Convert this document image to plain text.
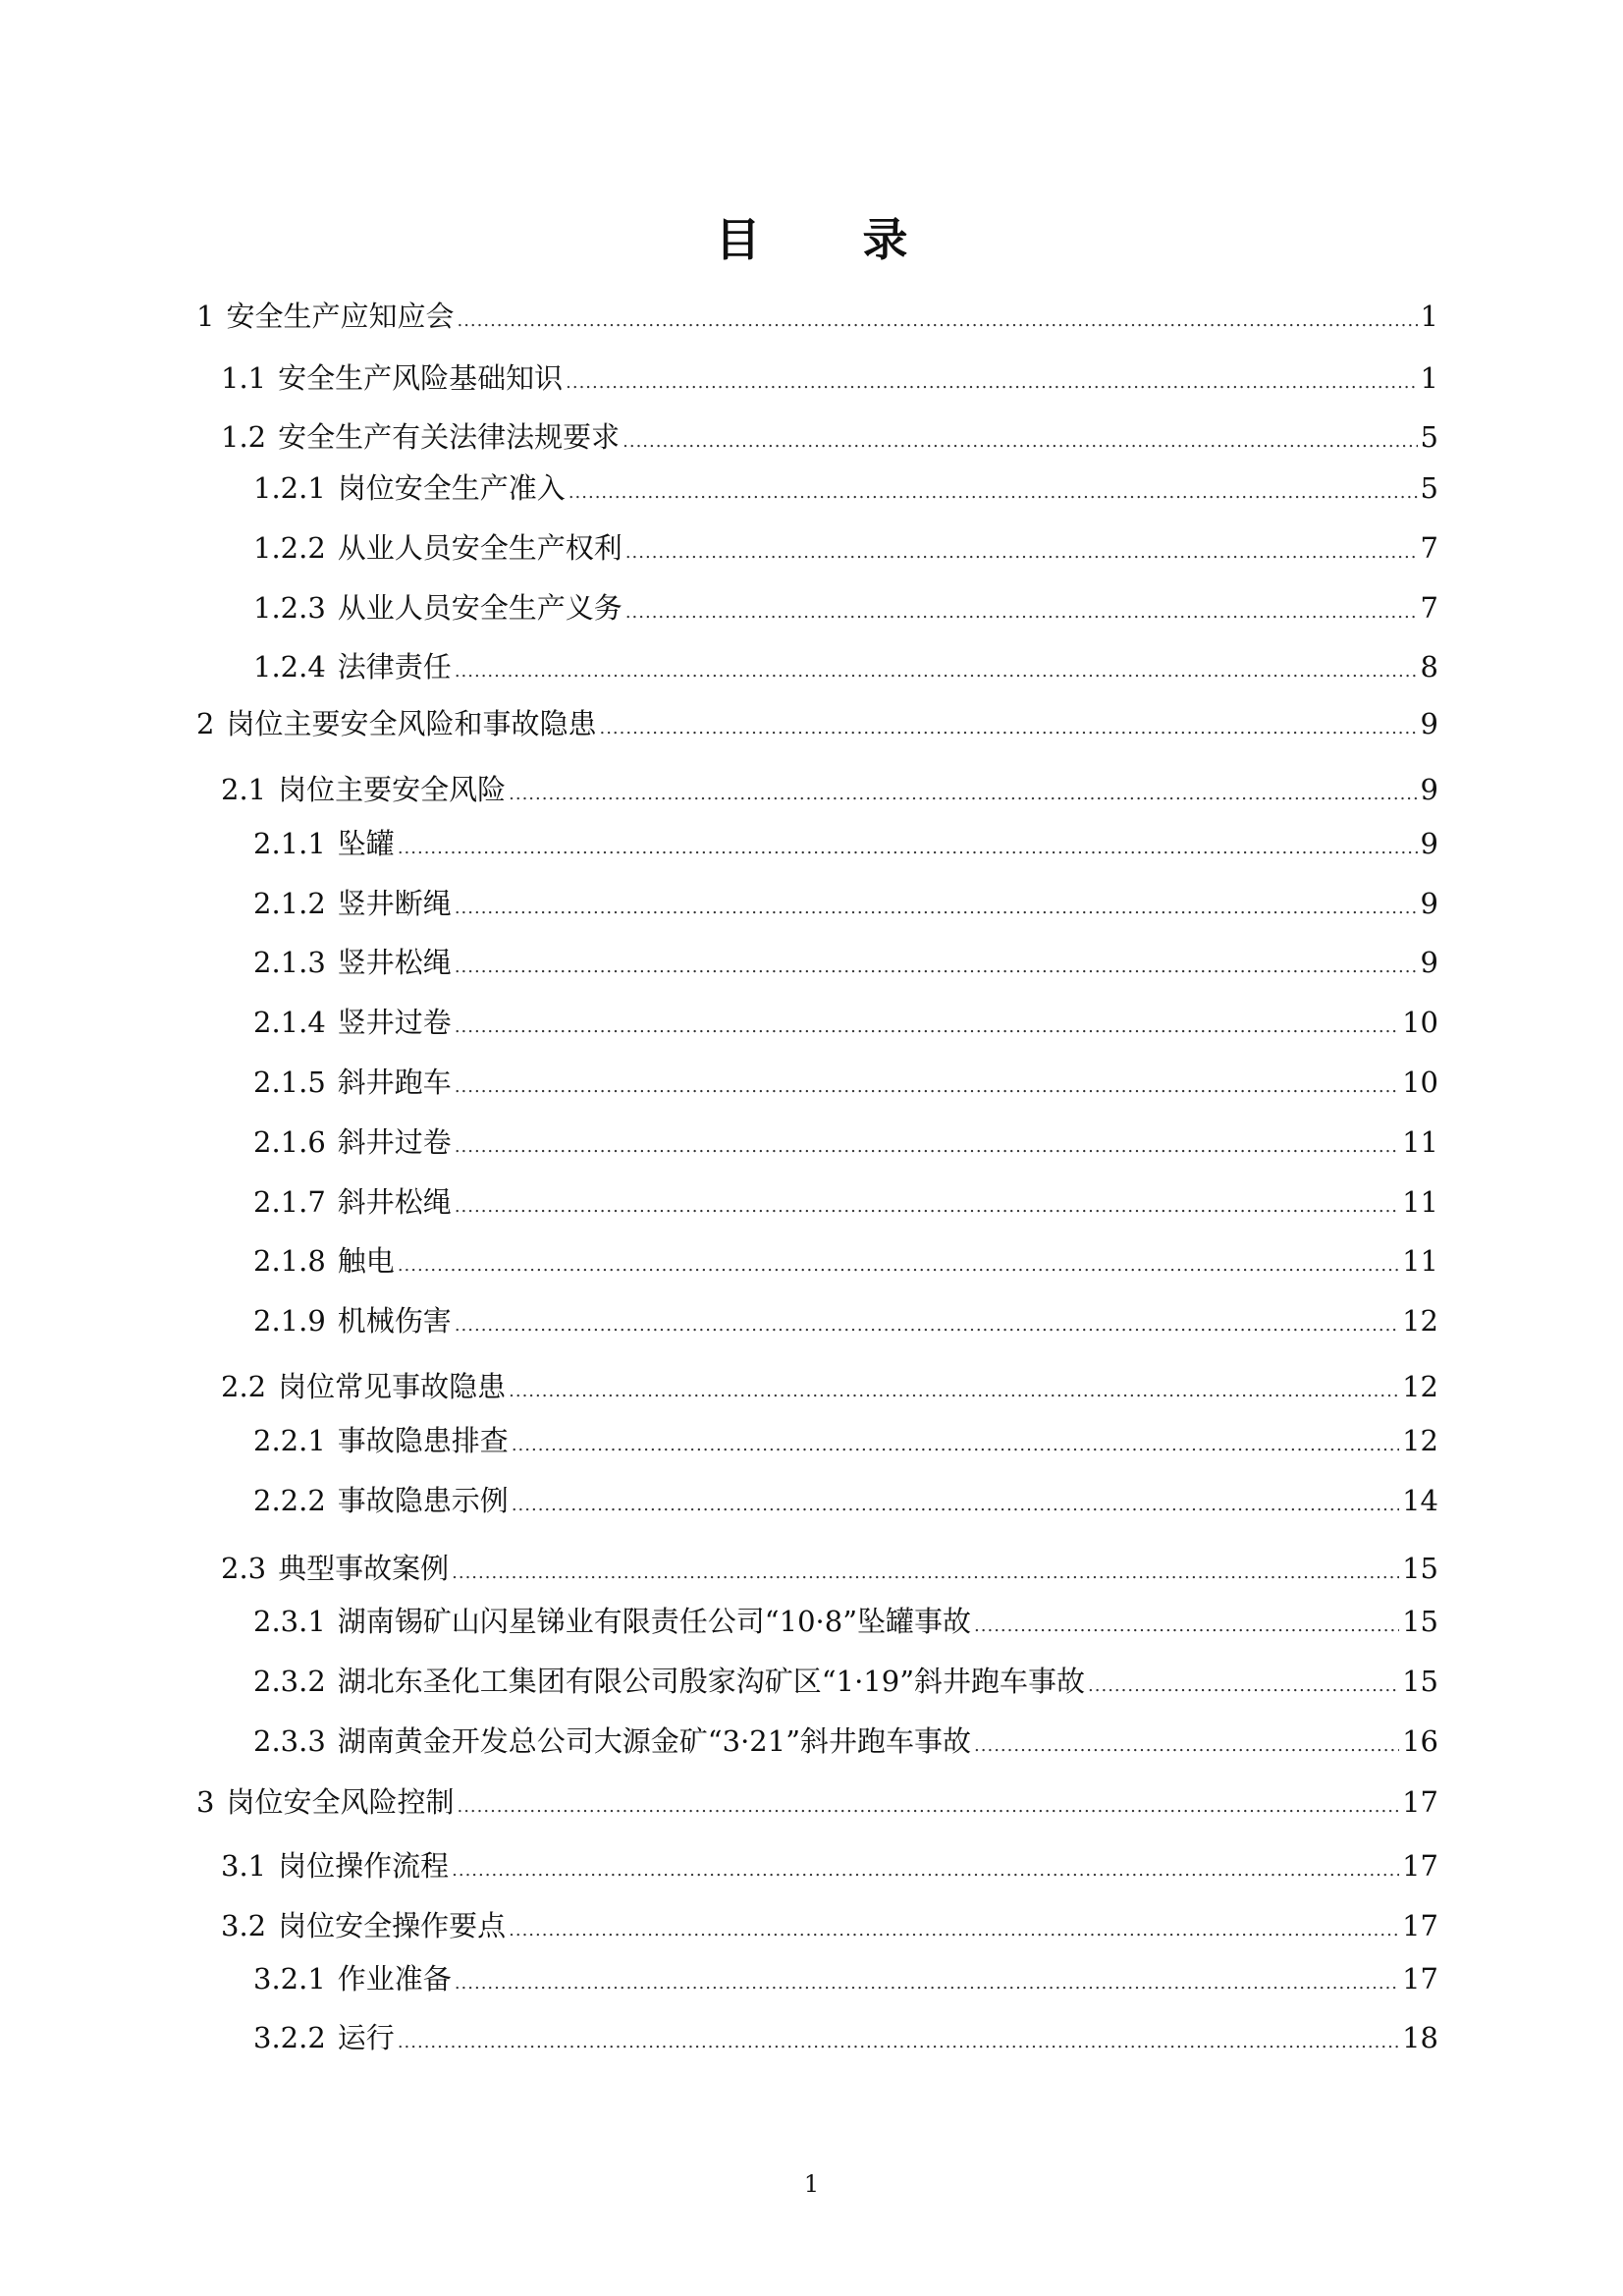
目 录
1 安全生产应知应会 .....	1
1.1 安全生产风险基础知识 .....	1
1.2 安全生产有关法律法规要求 .....	5
1.2.1 岗位安全生产准入 .....	5
1.2.2 从业人员安全生产权利 .....	7
1.2.3 从业人员安全生产义务 .....	7
1.2.4 法律责任 .....	8
2 岗位主要安全风险和事故隐患 .....	9
2.1 岗位主要安全风险 .....	9
2.1.1 坠罐 .....	9
2.1.2 竖井断绳 .....	9
2.1.3 竖井松绳 .....	9
2.1.4 竖井过卷 .....	10
2.1.5 斜井跑车 .....	10
2.1.6 斜井过卷 .....	11
2.1.7 斜井松绳 .....	11
2.1.8 触电 .....	11
2.1.9 机械伤害 .....	12
2.2 岗位常见事故隐患 .....	12
2.2.1 事故隐患排查 .....	12
2.2.2 事故隐患示例 .....	14
2.3 典型事故案例 .....	15
2.3.1 湖南锡矿山闪星锑业有限责任公司“10·8”坠罐事故 .....	15
2.3.2 湖北东圣化工集团有限公司殷家沟矿区“1·19”斜井跑车事故 .....	15
2.3.3 湖南黄金开发总公司大源金矿“3·21”斜井跑车事故 .....	16
3 岗位安全风险控制 .....	17
3.1 岗位操作流程 .....	17
3.2 岗位安全操作要点 .....	17
3.2.1 作业准备 .....	17
3.2.2 运行 .....	18
1
